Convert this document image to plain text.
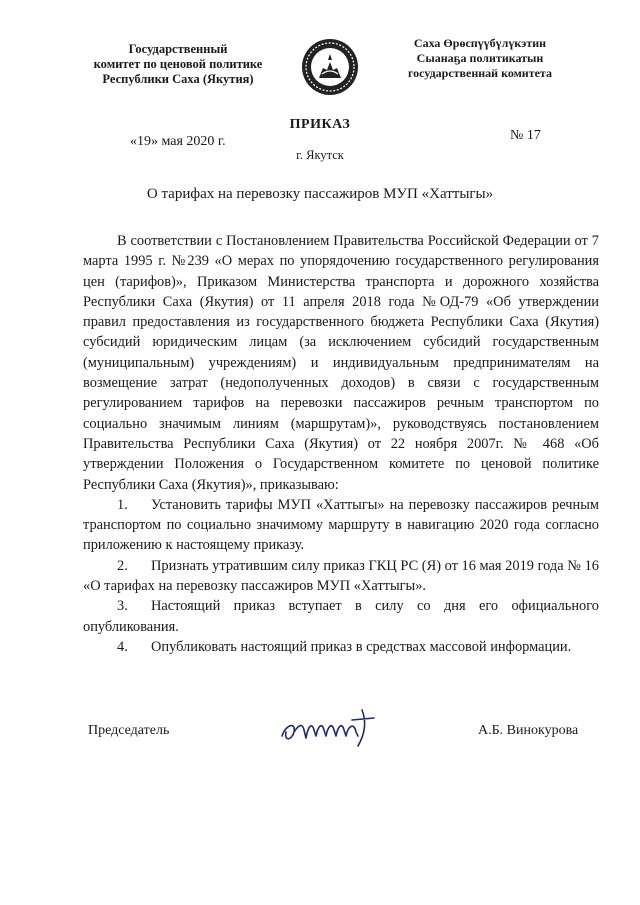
Государственный
комитет по ценовой политике
Республики Саха (Якутия)
Саха Өрөспүүбүлүкэтин
Сыанаҕа политикатын
государственнай комитета
ПРИКАЗ
«19» мая 2020 г.	№ 17
г. Якутск
О тарифах на перевозку пассажиров МУП «Хаттыгы»

В соответствии с Постановлением Правительства Российской Федерации от 7 марта 1995 г. №239 «О мерах по упорядочению государственного регулирования цен (тарифов)», Приказом Министерства транспорта и дорожного хозяйства Республики Саха (Якутия) от 11 апреля 2018 года №ОД-79 «Об утверждении правил предоставления из государственного бюджета Республики Саха (Якутия) субсидий юридическим лицам (за исключением субсидий государственным (муниципальным) учреждениям) и индивидуальным предпринимателям на возмещение затрат (недополученных доходов) в связи с государственным регулированием тарифов на перевозки пассажиров речным транспортом по социально значимым линиям (маршрутам)», руководствуясь постановлением Правительства Республики Саха (Якутия) от 22 ноября 2007г. № 468 «Об утверждении Положения о Государственном комитете по ценовой политике Республики Саха (Якутия)», приказываю:

1. Установить тарифы МУП «Хаттыгы» на перевозку пассажиров речным транспортом по социально значимому маршруту в навигацию 2020 года согласно приложению к настоящему приказу.

2. Признать утратившим силу приказ ГКЦ РС (Я) от 16 мая 2019 года № 16 «О тарифах на перевозку пассажиров МУП «Хаттыгы».

3. Настоящий приказ вступает в силу со дня его официального опубликования.

4. Опубликовать настоящий приказ в средствах массовой информации.

Председатель	А.Б. Винокурова
